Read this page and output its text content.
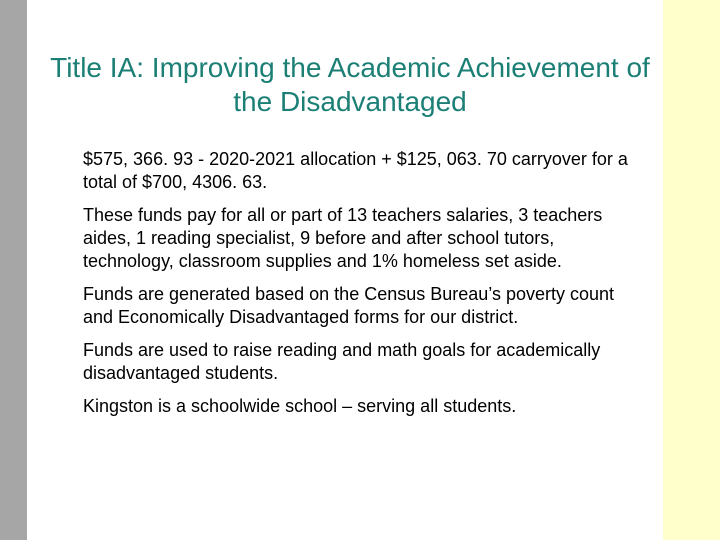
Title IA: Improving the Academic Achievement of the Disadvantaged

$575, 366. 93 - 2020-2021 allocation + $125, 063. 70 carryover for a total of $700, 4306. 63.

These funds pay for all or part of 13 teachers salaries, 3 teachers aides, 1 reading specialist, 9 before and after school tutors, technology, classroom supplies and 1% homeless set aside.

Funds are generated based on the Census Bureau’s poverty count and Economically Disadvantaged forms for our district.

Funds are used to raise reading and math goals for academically disadvantaged students.

Kingston is a schoolwide school – serving all students.
